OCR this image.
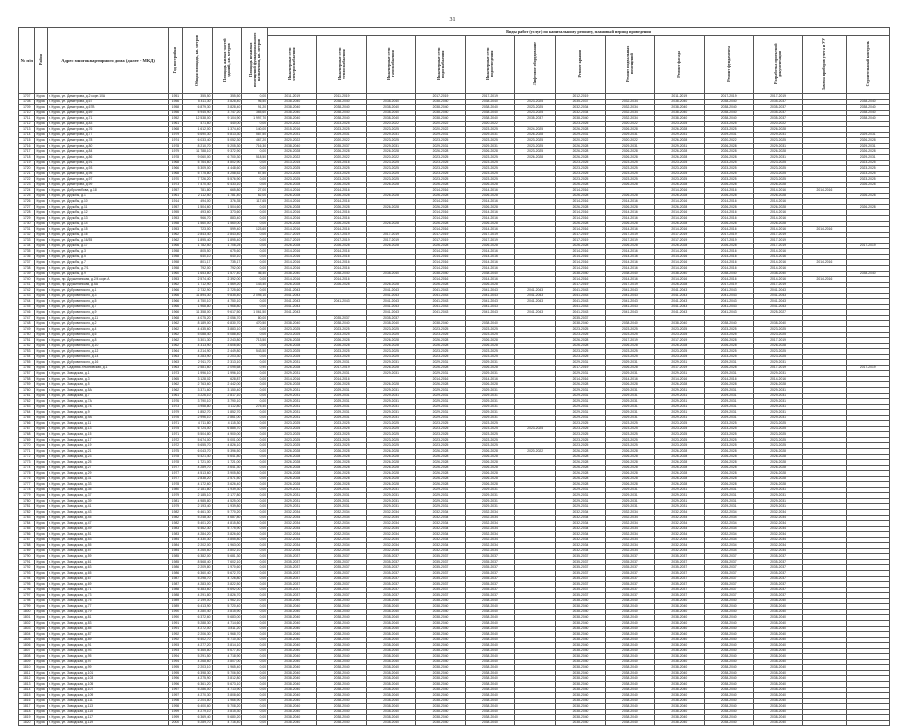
31
№ п/п	Район	Адрес многоквартирного дома (далее - МКД)	Год постройки	Общая площадь, кв. метров	Площадь жилых частей зданий, кв. метров	Площадь нежилых помещений функционального назначения, кв. метров	Виды работ (услуг) по капитальному ремонту, плановый период проведения												
							Инженерные сети электроснабжения	Инженерные сети теплоснабжения	Инженерные сети газоснабжения	Инженерные сети водоснабжения	Инженерные сети водоотведения	Лифтовое оборудование	Ремонт крыши	Ремонт подвальных помещений	Ремонт фасада	Ремонт фундамента	Разработка проектной документации	Замена приборов учета и УУ	Строительный контроль
1707	Курск	г. Курск, ул. Димитрова, д.2 корп.10А	1951	355,50	355,50	0,00	2011-2019	2011-2019		2017-2019	2017-2019		2012-2019		2011-2019	2017-2019	2017-2019		
1708	Курск	г. Курск, ул. Димитрова, д.67	1956	5 411,30	3 828,40	96,50	2038-2040	2038-2040	2038-2040	2038-2040	2038-2040	2023-2025	2035-2037	2032-2034	2038-2040	2038-2040	2035-2037		2038-2040
1709	Курск	г. Курск, ул. Димитрова, д.67В	1958	6 879,30	3 828,40	91,20	2038-2040	2038-2040	2038-2040	2038-2040	2038-2040	2023-2025	2032-2034	2032-2034	2038-2040	2038-2040	2035-2037		2038-2040
1710	Курск	г. Курск, ул. Димитрова, д.69	1956	5 945,90	3 747,20	365,60	2038-2040	2038-2040	2038-2040	2038-2040	2038-2040	2023-2025	2032-2034	2032-2034	2038-2040	2038-2040	2035-2037		2038-2040
1711	Курск	г. Курск, ул. Димитрова, д.71	1952	12 538,00	9 104,90	1 997,70	2038-2040	2038-2040	2038-2040	2038-2040	2038-2040	2035-2037	2038-2040	2032-2034	2038-2040	2038-2040	2035-2037		2038-2040
1712	Курск	г. Курск, ул. Димитрова, д.83	1961	471,60	440,00	0,00	2020-2022	2023-2025	2020-2022	2020-2022	2020-2022		2023-2025	2020-2022	2023-2025	2023-2025	2020-2022		
1713	Курск	г. Курск, ул. Димитрова, д.76	1968	1 612,00	1 374,40	140,00	2015-2016	2023-2025	2023-2025	2020-2022	2023-2025	2024-2025	2026-2028	2026-2028	2026-2028	2023-2025	2026-2028		
1714	Курск	г. Курск, ул. Димитрова, д.77	1979	6 690,30	5 813,30	587,50	2029-2031	2029-2031	2029-2031	2029-2031	2029-2031	2026-2028	2029-2031	2029-2031	2029-2031	2029-2031	2029-2031		2029-2031
1715	Курск	г. Курск, ул. Димитрова, д.78	1974	6 033,40	5 052,30	467,20	2020-2022	2020-2022	2023-2025	2023-2025	2023-2025	2023-2025	2020-2022	2020-2022	2026-2028	2020-2022	2023-2025		2026-2028
1716	Курск	г. Курск, ул. Димитрова, д.80	1978	8 210,70	5 205,30	716,30	2038-2040	2035-2037	2029-2031	2029-2031	2029-2031	2023-2025	2026-2028	2029-2031	2029-2031	2026-2028	2029-2031		2029-2031
1717	Курск	г. Курск, ул. Димитрова, д.84	1979	11 788,10	9 372,90	0,00	2026-2028	2026-2028	2026-2028	2026-2028	2026-2028	2023-2025	2026-2028	2026-2028	2026-2028	2026-2028	2026-2028		2026-2028
1718	Курск	г. Курск, ул. Димитрова, д.86	1978	9 060,00	6 700,30	518,50	2020-2022	2020-2022	2020-2022	2023-2025	2023-2025	2026-2028	2026-2028	2026-2028	2026-2028	2026-2028	2029-2031		2029-2031
1719	Курск	г. Курск, ул. Димитрова, д.91	1968	5 764,60	4 802,90	0,00	2013-2015	2015-2016	2023-2025	2023-2025	2023-2025		2023-2025	2023-2025	2023-2025	2023-2025	2023-2025		2023-2025
1720	Курск	г. Курск, ул. Димитрова, д.93	1966	5 309,00	4 448,60	0,00	2023-2025	2023-2025	2023-2025	2023-2025	2023-2025		2023-2025	2023-2025	2023-2025	2023-2025	2023-2025		2023-2025
1721	Курск	г. Курск, ул. Димитрова, д.95	1968	5 775,80	4 258,52	67,50	2023-2025	2023-2025	2023-2025	2023-2025	2023-2025		2023-2025	2023-2025	2023-2025	2023-2025	2023-2025		2023-2025
1722	Курск	г. Курск, ул. Димитрова, д.97	1970	7 726,20	5 576,90	0,00	2023-2025	2023-2025	2023-2025	2023-2025	2023-2025		2023-2025	2023-2025	2023-2025	2023-2025	2023-2025		2023-2025
1723	Курск	г. Курск, ул. Димитрова, д.99	1973	7 470,40	6 433,10	0,00	2026-2028	2026-2028	2026-2028	2026-2028	2026-2028		2026-2028	2026-2028	2026-2028	2026-2028	2026-2028		2026-2028
1724	Курск	г. Курск, ул. Добролюбова, д.18	1957	781,80	665,80	27,00	2014-2016	2014-2016		2014-2016	2014-2016		2014-2016		2014-2016	2014-2016	2014-2016	2014-2016	
1725	Курск	г. Курск, ул. Дружбы, д.1	1961	2 112,50	1 781,40	62,00	2026-2028	2026-2028	2026-2028	2026-2028	2026-2028		2026-2028	2026-2028	2026-2028	2026-2028	2026-2028		2026-2028
1726	Курск	г. Курск, ул. Дружбы, д.10	1914	494,00	376,35	117,65	2014-2016	2014-2016		2014-2016	2014-2016		2014-2016	2014-2016	2014-2016	2014-2016	2014-2016		
1727	Курск	г. Курск, ул. Дружбы, д.11	1957	1 504,60	1 504,60	0,00	2026-2028	2026-2028	2026-2028	2026-2028	2026-2028		2026-2028	2026-2028	2026-2028	2026-2028	2026-2028		2026-2028
1728	Курск	г. Курск, ул. Дружбы, д.12	1955	493,60	373,60	0,00	2014-2016	2014-2016		2014-2016	2014-2016		2014-2016	2014-2016	2014-2016	2014-2016	2014-2016		
1729	Курск	г. Курск, ул. Дружбы, д.13	1953	966,70	883,40	0,00	2014-2016	2014-2016		2014-2016	2014-2016		2014-2016	2014-2016	2014-2016	2014-2016	2014-2016		
1730	Курск	г. Курск, ул. Дружбы, д.14	1958	1 560,00	1 560,00	0,00	2026-2028	2026-2028	2026-2028	2026-2028	2026-2028		2026-2028	2026-2028	2026-2028	2026-2028	2026-2028		
1731	Курск	г. Курск, ул. Дружбы, д.15	1953	723,00	599,40	123,60	2014-2016	2014-2016		2014-2016	2014-2016		2014-2016	2014-2016	2014-2016	2014-2016	2014-2016	2014-2016	
1732	Курск	г. Курск, ул. Дружбы, д.16	1962	2 843,40	2 843,40	0,00	2017-2019	2017-2019	2017-2019	2017-2019	2017-2019		2017-2019	2017-2019	2017-2019	2017-2019	2017-2019		
1733	Курск	г. Курск, ул. Дружбы, д.16/35	1962	1 895,40	1 895,40	0,00	2017-2019	2017-2019	2017-2019	2017-2019	2017-2019		2017-2019	2017-2019	2017-2019	2017-2019	2017-2019		
1734	Курск	г. Курск, ул. Дружбы, д.17	1966	1 782,50	1 706,25	0,00	2026-2028	2026-2028	2026-2028	2026-2028	2026-2028		2026-2028	2026-2028	2026-2028	2026-2028	2017-2019		2017-2019
1735	Курск	г. Курск, ул. Дружбы, д.3	1958	805,50	675,60	0,00	2014-2016	2014-2016		2014-2016	2014-2016		2014-2016	2014-2016	2014-2016	2014-2016	2014-2016		
1736	Курск	г. Курск, ул. Дружбы, д.5	1958	640,10	640,10	0,00	2014-2016	2014-2016		2014-2016	2014-2016		2014-2016	2014-2016	2014-2016	2014-2016	2014-2016		
1737	Курск	г. Курск, ул. Дружбы, д.7	1958	801,17	735,17	0,00	2014-2016	2014-2016		2014-2016	2014-2016		2014-2016	2014-2016	2014-2016	2014-2016	2014-2016	2014-2016	
1738	Курск	г. Курск, ул. Дружбы, д.7/1	1958	792,00	792,00	0,00	2014-2016	2014-2016		2014-2016	2014-2016		2014-2016	2014-2016	2014-2016	2014-2016	2014-2016		
1739	Курск	г. Курск, ул. Дружбы, д.9	1960	1 653,80	1 577,40	46,40	2038-2040	2038-2040	2038-2040	2038-2040	2038-2040		2038-2040	2038-2040	2038-2040	2038-2040	2038-2040		2038-2040
1740	Курск	г. Курск, пр. Дружининская, д.2/4 корп.А	1953	2 574,40	2 392,00	0,00	2014-2016	2014-2016		2014-2016	2014-2016		2014-2016	2014-2016	2014-2016	2014-2016	2014-2016	2014-2016	
1741	Курск	г. Курск, пр. Дружининская, д.5А	1962	1 712,90	1 569,20	143,40	2026-2028	2026-2028	2026-2028	2026-2028	2026-2028		2017-2019	2017-2019	2026-2028	2017-2019	2017-2019		
1742	Курск	г. Курск, ул. Дубровинского, д.1	1966	2 732,90	2 725,60	0,00	2041-2043		2041-2043	2041-2043	2041-2043	2041-2043	2041-2043	2041-2043	2041-2043	2041-2043	2041-2043		
1743	Курск	г. Курск, ул. Дубровинского, д.3	1966	11 894,30	9 835,40	2 095,10	2041-2043		2041-2043	2041-2043	2041-2043	2041-2043	2041-2043	2041-2043	2041-2043	2041-2043	2041-2043		
1744	Курск	г. Курск, ул. Дубровинского, д.5	1966	4 750,10	4 750,10	0,00	2041-2043	2041-2043	2041-2043	2041-2043	2041-2043	2041-2043	2041-2043	2041-2043	2041-2043	2041-2043	2041-2043		
1745	Курск	г. Курск, ул. Дубровинского, д.7	1966	1 968,80	1 968,80	0,00	2041-2043		2041-2043	2041-2043	2041-2043		2041-2043	2041-2043	2041-2043	2041-2043	2041-2043		
1746	Курск	г. Курск, ул. Дубровинского, д.9	1966	11 358,00	9 617,50	1 061,50	2041-2043		2041-2043	2041-2043	2041-2043	2041-2043	2041-2043	2041-2043	2041-2043	2041-2043	2025-2027		
1747	Курск	г. Курск, ул. Дубровинского, д.11	1968	4 075,20	2 056,70	80,00		2035-2037	2035-2037				2035-2037						
1748	Курск	г. Курск, ул. Дубровинского, д.2	1962	8 189,00	6 830,70	470,50	2038-2040	2038-2040	2038-2040	2038-2040	2038-2040		2038-2040	2038-2040	2038-2040	2038-2040	2038-2040		
1749	Курск	г. Курск, ул. Дубровинского, д.4	1962	4 435,60	3 883,10	0,00	2023-2025	2023-2025	2023-2025	2023-2025	2023-2025		2023-2025	2023-2025	2023-2025	2023-2025	2023-2025		
1750	Курск	г. Курск, ул. Дубровинского, д.6	1962	5 088,40	5 088,40	0,00	2023-2025	2023-2025	2023-2025	2023-2025	2023-2025		2023-2025	2023-2025	2023-2025	2023-2025	2023-2025		
1751	Курск	г. Курск, ул. Дубровинского, д.8	1962	3 301,30	2 243,80	713,50	2026-2028	2026-2028	2026-2028	2026-2028	2026-2028		2026-2028	2017-2019	2017-2019	2026-2028	2017-2019		
1752	Курск	г. Курск, ул. Дубровинского, д.10	1962	4 313,90	3 606,60	0,00	2026-2028	2026-2028	2026-2028	2026-2028	2026-2028		2026-2028	2026-2028	2026-2028	2026-2028	2026-2028		
1753	Курск	г. Курск, ул. Дубровинского, д.12	1964	4 214,90	2 449,80	543,50	2023-2025	2023-2025	2023-2025	2023-2025	2023-2025		2023-2025	2023-2025	2023-2025	2023-2025	2023-2025		
1754	Курск	г. Курск, ул. Дубровинского, д.14	1963	4 283,90	2 203,30	0,00	2023-2025	2023-2025	2023-2025	2023-2025	2023-2025		2023-2025	2023-2025	2023-2025	2023-2025	2023-2025		
1755	Курск	г. Курск, ул. Дубровинского, д.16	1963	2 911,70	2 313,10	0,00	2029-2031	2029-2031	2029-2031	2029-2031	2029-2031		2029-2031	2029-2031	2029-2031	2029-2031	2029-2031		
1756	Курск	г. Курск, ул. Садовая-Ульяновская, д.1	1963	2 581,60	2 095,68	0,90	2026-2028	2017-2019	2026-2028	2026-2028	2026-2028		2017-2019	2026-2028	2017-2019	2026-2028	2017-2019		2017-2019
1757	Курск	г. Курск, ул. Заводская, д.1	1973	1 996,10	1 996,10	0,00	2029-2031	2029-2031	2029-2031	2029-2031	2029-2031		2029-2031	2029-2031	2029-2031	2029-2031	2029-2031		
1758	Курск	г. Курск, ул. Заводская, д.3	1965	3 128,02	628,87	0,00	2014-2016	2014-2016		2014-2016	2014-2016		2014-2016	2014-2016	2014-2016	2014-2016	2014-2016		
1759	Курск	г. Курск, ул. Заводская, д.5	1962	2 763,60	2 442,00	0,00	2026-2028	2026-2028	2026-2028	2026-2028	2026-2028		2026-2028	2026-2028	2026-2028	2026-2028	2026-2028		
1760	Курск	г. Курск, ул. Заводская, д.5А	1962	3 371,60	3 150,40	0,00	2029-2031	2029-2031	2029-2031	2029-2031	2029-2031		2029-2031	2029-2031	2029-2031	2029-2031	2029-2031		
1761	Курск	г. Курск, ул. Заводская, д.7	1961	3 226,10	2 817,10	0,00	2029-2031	2029-2031	2029-2031	2029-2031	2029-2031		2029-2031	2029-2031	2029-2031	2029-2031	2029-2031		
1762	Курск	г. Курск, ул. Заводская, д.7А	1976	3 790,10	3 790,10	0,00	2029-2031	2029-2031	2029-2031	2029-2031	2029-2031		2029-2031	2029-2031	2029-2031	2029-2031	2029-2031		
1763	Курск	г. Курск, ул. Заводская, д.7Б	1973	3 958,80	3 112,80	275,40	2029-2031	2029-2031	2029-2031	2029-2031	2029-2031		2029-2031	2029-2031	2029-2031	2029-2031	2029-2031		
1764	Курск	г. Курск, ул. Заводская, д.9	1979	1 852,70	1 852,70	0,00	2029-2031	2029-2031	2029-2031	2029-2031	2029-2031		2029-2031	2029-2031	2029-2031	2029-2031	2029-2031		
1765	Курск	г. Курск, ул. Заводская, д.9А	1976	2 996,10	2 861,00	0,00	2029-2031	2029-2031	2029-2031	2029-2031	2029-2031		2029-2031	2029-2031	2029-2031	2029-2031	2029-2031		
1766	Курск	г. Курск, ул. Заводская, д.11	1971	4 711,80	4 115,30	0,00	2023-2025	2023-2025	2023-2025	2023-2025	2023-2025		2023-2025	2023-2025	2023-2025	2023-2025	2023-2025		
1767	Курск	г. Курск, ул. Заводская, д.13	1975	6 724,00	6 885,70	0,00	2023-2025	2023-2025	2023-2025	2023-2025	2023-2025	2023-2025	2023-2025	2023-2025	2023-2025	2023-2025	2023-2025		
1768	Курск	г. Курск, ул. Заводская, д.15	1971	5 504,80	4 900,00	0,00	2023-2025	2023-2025	2023-2025	2023-2025	2023-2025		2023-2025	2023-2025	2023-2025	2023-2025	2023-2025		
1769	Курск	г. Курск, ул. Заводская, д.17	1972	5 674,00	5 001,00	0,00	2023-2025	2023-2025	2023-2025	2023-2025	2023-2025		2023-2025	2023-2025	2023-2025	2023-2025	2023-2025		
1770	Курск	г. Курск, ул. Заводская, д.19	1972	5 655,70	4 826,10	0,00	2023-2025	2023-2025	2023-2025	2023-2025	2023-2025		2023-2025	2023-2025	2023-2025	2023-2025	2023-2025		
1771	Курск	г. Курск, ул. Заводская, д.21	1975	6 043,70	5 396,50	0,00	2026-2028	2026-2028	2026-2028	2026-2028	2026-2028	2020-2022	2026-2028	2026-2028	2026-2028	2026-2028	2026-2028		
1772	Курск	г. Курск, ул. Заводская, д.23	1978	6 421,40	5 641,80	0,00	2026-2028	2026-2028	2026-2028	2026-2028	2026-2028		2026-2028	2026-2028	2026-2028	2026-2028	2026-2028		
1773	Курск	г. Курск, ул. Заводская, д.25	1978	1 721,00	1 721,00	0,00	2026-2028	2026-2028	2026-2028	2026-2028	2026-2028		2026-2028	2026-2028	2026-2028	2026-2028	2026-2028		
1774	Курск	г. Курск, ул. Заводская, д.27	1977	4 289,70	3 641,30	0,00	2026-2028	2026-2028	2026-2028	2026-2028	2026-2028		2026-2028	2026-2028	2026-2028	2026-2028	2026-2028		
1775	Курск	г. Курск, ул. Заводская, д.29	1977	4 513,60	3 905,80	0,00	2026-2028	2026-2028	2026-2028	2026-2028	2026-2028		2026-2028	2026-2028	2026-2028	2026-2028	2026-2028		
1776	Курск	г. Курск, ул. Заводская, д.31	1977	2 838,20	2 571,50	0,00	2026-2028	2026-2028	2026-2028	2026-2028	2026-2028		2026-2028	2026-2028	2026-2028	2026-2028	2026-2028		
1777	Курск	г. Курск, ул. Заводская, д.33	1978	4 172,60	3 626,40	0,00	2026-2028	2026-2028	2026-2028	2026-2028	2026-2028		2026-2028	2026-2028	2026-2028	2026-2028	2026-2028		
1778	Курск	г. Курск, ул. Заводская, д.35	1980	2 181,80	1 939,30	0,00	2029-2031	2029-2031	2029-2031	2029-2031	2029-2031		2029-2031	2029-2031	2029-2031	2029-2031	2029-2031		
1779	Курск	г. Курск, ул. Заводская, д.37	1979	2 185,10	2 177,80	0,00	2029-2031	2029-2031	2029-2031	2029-2031	2029-2031		2029-2031	2029-2031	2029-2031	2029-2031	2029-2031		
1780	Курск	г. Курск, ул. Заводская, д.39	1981	4 985,80	4 525,00	0,00	2029-2031	2029-2031	2029-2031	2029-2031	2029-2031		2029-2031	2029-2031	2029-2031	2029-2031	2029-2031		
1781	Курск	г. Курск, ул. Заводская, д.41	1979	2 193,40	1 939,80	0,00	2029-2031	2029-2031	2029-2031	2029-2031	2029-2031		2029-2031	2029-2031	2029-2031	2029-2031	2029-2031		
1782	Курск	г. Курск, ул. Заводская, д.43	1982	6 461,30	5 770,20	0,00	2032-2034	2032-2034	2032-2034	2032-2034	2032-2034		2032-2034	2032-2034	2032-2034	2032-2034	2032-2034		
1783	Курск	г. Курск, ул. Заводская, д.45	1982	5 248,30	4 687,80	0,00	2032-2034	2032-2034	2032-2034	2032-2034	2032-2034		2032-2034	2032-2034	2032-2034	2032-2034	2032-2034		
1784	Курск	г. Курск, ул. Заводская, д.47	1982	5 401,20	4 815,80	0,00	2032-2034	2032-2034	2032-2034	2032-2034	2032-2034		2032-2034	2032-2034	2032-2034	2032-2034	2032-2034		
1785	Курск	г. Курск, ул. Заводская, д.49	1983	6 462,30	5 775,90	0,00	2032-2034	2032-2034	2032-2034	2032-2034	2032-2034		2032-2034	2032-2034	2032-2034	2032-2034	2032-2034		
1786	Курск	г. Курск, ул. Заводская, д.51	1983	4 284,20	3 826,60	0,00	2032-2034	2032-2034	2032-2034	2032-2034	2032-2034		2032-2034	2032-2034	2032-2034	2032-2034	2032-2034		
1787	Курск	г. Курск, ул. Заводская, д.53	1984	4 330,30	3 855,80	0,00	2032-2034	2032-2034	2032-2034	2032-2034	2032-2034		2032-2034	2032-2034	2032-2034	2032-2034	2032-2034		
1788	Курск	г. Курск, ул. Заводская, д.55	1984	2 202,00	1 963,00	0,00	2032-2034	2032-2034	2032-2034	2032-2034	2032-2034		2032-2034	2032-2034	2032-2034	2032-2034	2032-2034		
1789	Курск	г. Курск, ул. Заводская, д.57	1984	4 265,60	3 802,10	0,00	2032-2034	2032-2034	2032-2034	2032-2034	2032-2034		2032-2034	2032-2034	2032-2034	2032-2034	2032-2034		
1790	Курск	г. Курск, ул. Заводская, д.59	1985	6 382,00	5 681,30	0,00	2035-2037	2035-2037	2035-2037	2035-2037	2035-2037		2035-2037	2035-2037	2035-2037	2035-2037	2035-2037		
1791	Курск	г. Курск, ул. Заводская, д.61	1985	8 568,40	7 602,10	0,00	2035-2037	2035-2037	2035-2037	2035-2037	2035-2037		2035-2037	2035-2037	2035-2037	2035-2037	2035-2037		
1792	Курск	г. Курск, ул. Заводская, д.63	1986	2 209,80	1 970,60	0,00	2035-2037	2035-2037	2035-2037	2035-2037	2035-2037		2035-2037	2035-2037	2035-2037	2035-2037	2035-2037		
1793	Курск	г. Курск, ул. Заводская, д.65	1986	6 360,40	5 672,70	0,00	2035-2037	2035-2037	2035-2037	2035-2037	2035-2037		2035-2037	2035-2037	2035-2037	2035-2037	2035-2037		
1794	Курск	г. Курск, ул. Заводская, д.67	1987	5 298,70	4 726,80	0,00	2035-2037	2035-2037	2035-2037	2035-2037	2035-2037		2035-2037	2035-2037	2035-2037	2035-2037	2035-2037		
1795	Курск	г. Курск, ул. Заводская, д.69	1987	4 283,00	3 822,50	0,00	2035-2037	2035-2037	2035-2037	2035-2037	2035-2037		2035-2037	2035-2037	2035-2037	2035-2037	2035-2037		
1796	Курск	г. Курск, ул. Заводская, д.71	1988	6 383,60	5 692,00	0,00	2035-2037	2035-2037	2035-2037	2035-2037	2035-2037		2035-2037	2035-2037	2035-2037	2035-2037	2035-2037		
1797	Курск	г. Курск, ул. Заводская, д.73	1988	4 291,80	3 826,70	0,00	2035-2037	2035-2037	2035-2037	2035-2037	2035-2037		2035-2037	2035-2037	2035-2037	2035-2037	2035-2037		
1798	Курск	г. Курск, ул. Заводская, д.75	1989	2 199,00	1 962,10	0,00	2038-2040	2038-2040	2038-2040	2038-2040	2038-2040		2038-2040	2038-2040	2038-2040	2038-2040	2038-2040		
1799	Курск	г. Курск, ул. Заводская, д.77	1989	6 413,90	5 720,40	0,00	2038-2040	2038-2040	2038-2040	2038-2040	2038-2040		2038-2040	2038-2040	2038-2040	2038-2040	2038-2040		
1800	Курск	г. Курск, ул. Заводская, д.79	1990	4 280,40	3 815,90	0,00	2038-2040	2038-2040	2038-2040	2038-2040	2038-2040		2038-2040	2038-2040	2038-2040	2038-2040	2038-2040		
1801	Курск	г. Курск, ул. Заводская, д.81	1990	6 372,60	5 683,00	0,00	2038-2040	2038-2040	2038-2040	2038-2040	2038-2040		2038-2040	2038-2040	2038-2040	2038-2040	2038-2040		
1802	Курск	г. Курск, ул. Заводская, д.83	1991	5 288,30	4 714,60	0,00	2038-2040	2038-2040	2038-2040	2038-2040	2038-2040		2038-2040	2038-2040	2038-2040	2038-2040	2038-2040		
1803	Курск	г. Курск, ул. Заводская, д.85	1991	4 272,00	3 811,20	0,00	2038-2040	2038-2040	2038-2040	2038-2040	2038-2040		2038-2040	2038-2040	2038-2040	2038-2040	2038-2040		
1804	Курск	г. Курск, ул. Заводская, д.87	1992	2 206,30	1 968,70	0,00	2038-2040	2038-2040	2038-2040	2038-2040	2038-2040		2038-2040	2038-2040	2038-2040	2038-2040	2038-2040		
1805	Курск	г. Курск, ул. Заводская, д.89	1992	6 402,70	5 710,30	0,00	2038-2040	2038-2040	2038-2040	2038-2040	2038-2040		2038-2040	2038-2040	2038-2040	2038-2040	2038-2040		
1806	Курск	г. Курск, ул. Заводская, д.91	1993	4 277,20	3 814,10	0,00	2038-2040	2038-2040	2038-2040	2038-2040	2038-2040		2038-2040	2038-2040	2038-2040	2038-2040	2038-2040		
1807	Курск	г. Курск, ул. Заводская, д.93	1993	6 365,80	5 677,40	0,00	2038-2040	2038-2040	2038-2040	2038-2040	2038-2040		2038-2040	2038-2040	2038-2040	2038-2040	2038-2040		
1808	Курск	г. Курск, ул. Заводская, д.95	1994	5 291,50	4 718,90	0,00	2038-2040	2038-2040	2038-2040	2038-2040	2038-2040		2038-2040	2038-2040	2038-2040	2038-2040	2038-2040		
1809	Курск	г. Курск, ул. Заводская, д.97	1994	4 268,60	3 807,00	0,00	2038-2040	2038-2040	2038-2040	2038-2040	2038-2040		2038-2040	2038-2040	2038-2040	2038-2040	2038-2040		
1810	Курск	г. Курск, ул. Заводская, д.99	1995	2 203,10	1 965,40	0,00	2038-2040	2038-2040	2038-2040	2038-2040	2038-2040		2038-2040	2038-2040	2038-2040	2038-2040	2038-2040		
1811	Курск	г. Курск, ул. Заводская, д.101	1995	6 398,30	5 706,50	0,00	2038-2040	2038-2040	2038-2040	2038-2040	2038-2040		2038-2040	2038-2040	2038-2040	2038-2040	2038-2040		
1812	Курск	г. Курск, ул. Заводская, д.103	1996	4 275,90	3 812,80	0,00	2038-2040	2038-2040	2038-2040	2038-2040	2038-2040		2038-2040	2038-2040	2038-2040	2038-2040	2038-2040		
1813	Курск	г. Курск, ул. Заводская, д.105	1996	6 361,20	5 673,10	0,00	2038-2040	2038-2040	2038-2040	2038-2040	2038-2040		2038-2040	2038-2040	2038-2040	2038-2040	2038-2040		
1814	Курск	г. Курск, ул. Заводская, д.107	1997	5 286,00	4 713,90	0,00	2038-2040	2038-2040	2038-2040	2038-2040	2038-2040		2038-2040	2038-2040	2038-2040	2038-2040	2038-2040		
1815	Курск	г. Курск, ул. Заводская, д.109	1997	4 270,30	3 808,60	0,00	2038-2040	2038-2040	2038-2040	2038-2040	2038-2040		2038-2040	2038-2040	2038-2040	2038-2040	2038-2040		
1816	Курск	г. Курск, ул. Заводская, д.111	1998	2 204,80	1 966,90	0,00	2038-2040	2038-2040	2038-2040	2038-2040	2038-2040		2038-2040	2038-2040	2038-2040	2038-2040	2038-2040		
1817	Курск	г. Курск, ул. Заводская, д.113	1998	6 400,60	5 708,20	0,00	2038-2040	2038-2040	2038-2040	2038-2040	2038-2040		2038-2040	2038-2040	2038-2040	2038-2040	2038-2040		
1818	Курск	г. Курск, ул. Заводская, д.115	1999	4 279,10	3 815,30	0,00	2038-2040	2038-2040	2038-2040	2038-2040	2038-2040		2038-2040	2038-2040	2038-2040	2038-2040	2038-2040		
1819	Курск	г. Курск, ул. Заводская, д.117	1999	6 369,40	5 680,20	0,00	2038-2040	2038-2040	2038-2040	2038-2040	2038-2040		2038-2040	2038-2040	2038-2040	2038-2040	2038-2040		
1820	Курск	г. Курск, ул. Заводская, д.119	2000	5 289,70	4 716,40	0,00	2038-2040	2038-2040	2038-2040	2038-2040	2038-2040		2038-2040	2038-2040	2038-2040	2038-2040	2038-2040		
